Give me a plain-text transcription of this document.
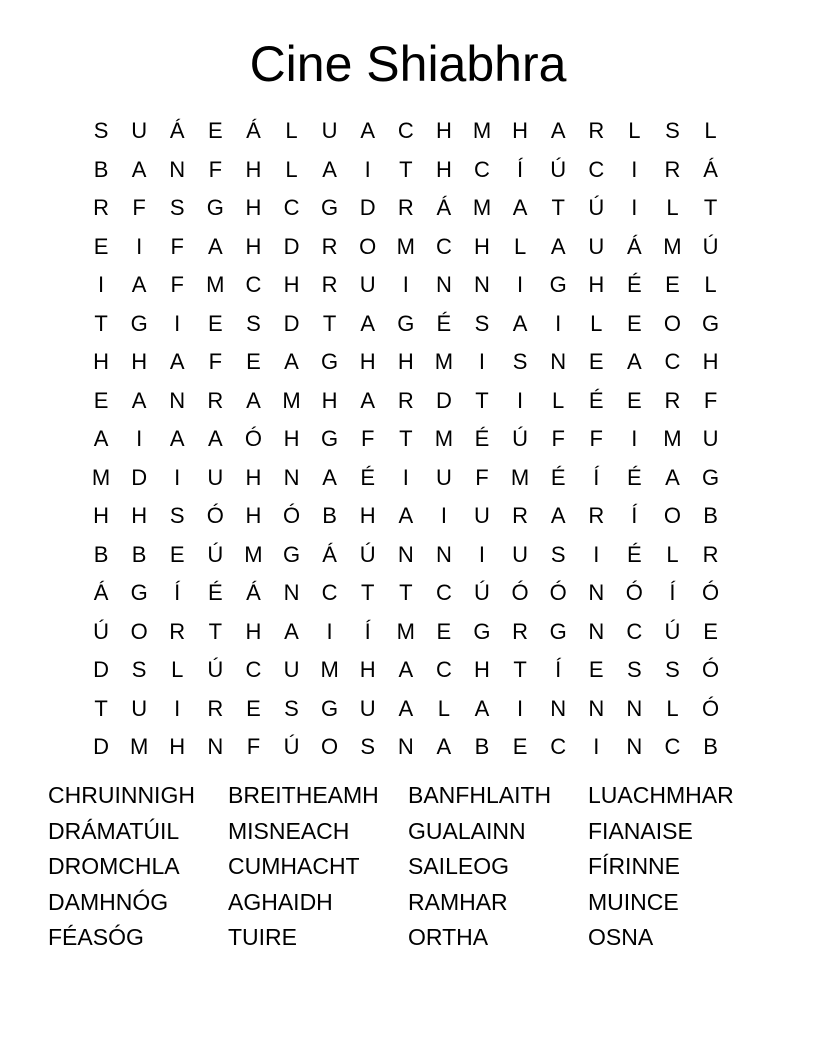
Cine Shiabhra
S	U	Á	E	Á	L	U	A	C	H M H	A	R	L	S	L
B	A	N	F	H	L	A	I	T	H	C	Í	Ú	C	I	R	Á
R	F	S	G H	C G D	R	Á M A	T	Ú	I	L	T
E	I	F	A	H	D	R O M C	H	L	A	U	Á M Ú
I	A	F	M C	H	R	U	I	N	N	I	G H	É	E	L
T	G	I	E	S	D	T	A	G	É	S	A	I	L	E	O G
H	H	A	F	E	A	G H	H M	I	S	N	E	A	C	H
E	A	N	R	A M H	A	R	D	T	I	L	É	E	R	F
A	I	A	A	Ó H G	F	T	M É	Ú	F	F	I	M U
M D	I	U	H	N	A	É	I	U	F	M É	Í	É	A	G
H	H	S	Ó H Ó	B	H	A	I	U	R	A	R	Í	O	B
B	B	E	Ú M G	Á	Ú	N	N	I	U	S	I	É	L	R
Á	G	Í	É	Á	N	C	T	T	C	Ú Ó Ó N Ó	Í	Ó
Ú O R	T	H	A	I	Í	M E	G R G N	C	Ú	E
D	S	L	Ú	C	U M H	A	C	H	T	Í	E	S	S	Ó
T	U	I	R	E	S	G U	A	L	A	I	N	N	N	L	Ó
D M H	N	F	Ú O	S	N	A	B	E	C	I	N	C	B
CHRUINNIGH	BREITHEAMH	BANFHLAITH	LUACHMHAR
DRÁMATÚIL	MISNEACH	GUALAINN	FIANAISE
DROMCHLA	CUMHACHT	SAILEOG	FÍRINNE
DAMHNÓG	AGHAIDH	RAMHAR	MUINCE
FÉASÓG	TUIRE	ORTHA	OSNA
